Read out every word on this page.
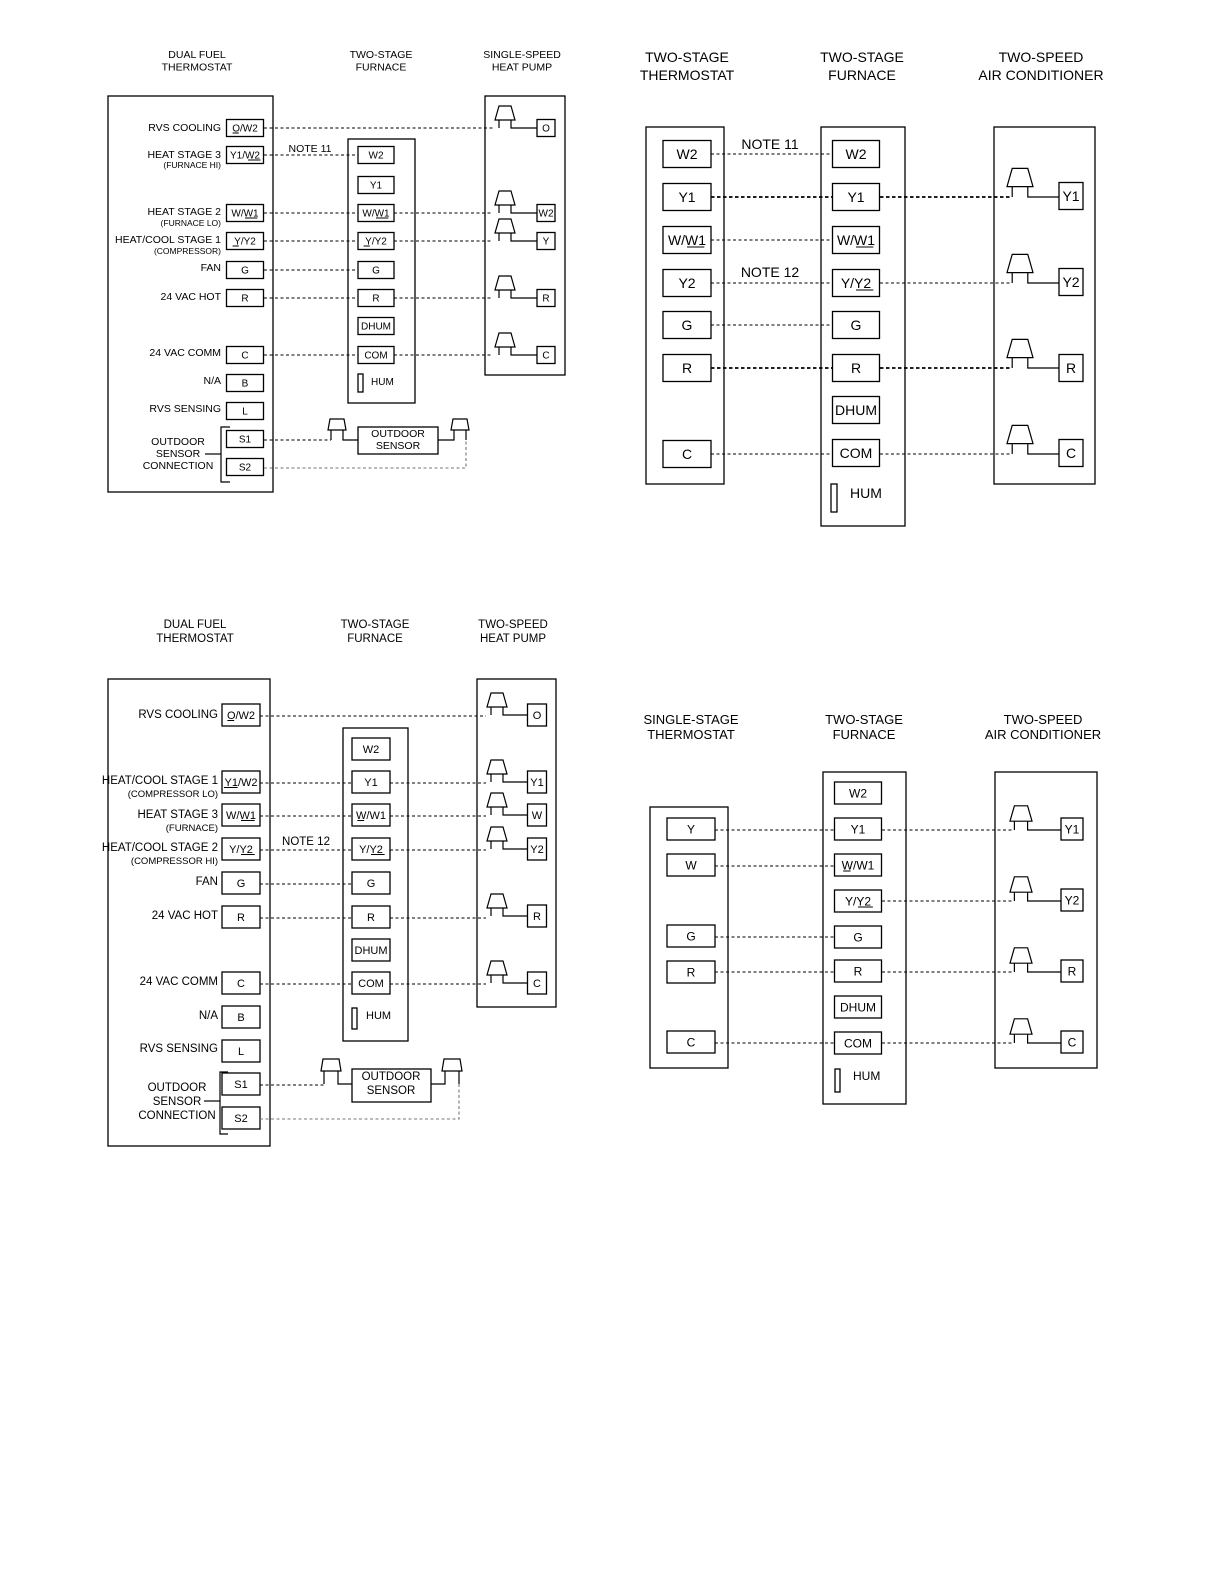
DUAL FUEL THERMOSTAT
TWO-STAGE FURNACE
SINGLE-SPEED HEAT PUMP
RVS COOLING
HEAT STAGE 3
(FURNACE HI)
HEAT STAGE 2
(FURNACE LO)
HEAT/COOL STAGE 1
(COMPRESSOR)
FAN
24 VAC HOT
24 VAC COMM
N/A
RVS SENSING
OUTDOOR SENSOR CONNECTION
O/W2
Y1/W2
W/W1
Y/Y2
G
R
C
B
L
S1
S2
W2
Y1
W/W1
Y/Y2
G
R
DHUM
COM
HUM
O
W2
Y
R
C
NOTE 11
OUTDOOR SENSOR
TWO-STAGE THERMOSTAT
TWO-STAGE FURNACE
TWO-SPEED AIR CONDITIONER
W2
Y1
W/W1
Y2
G
R
C
W2
Y1
W/W1
Y/Y2
G
R
DHUM
COM
HUM
Y1
Y2
R
C
NOTE 11
NOTE 12
DUAL FUEL THERMOSTAT
TWO-STAGE FURNACE
TWO-SPEED HEAT PUMP
RVS COOLING
HEAT/COOL STAGE 1
(COMPRESSOR LO)
HEAT STAGE 3
(FURNACE)
HEAT/COOL STAGE 2
(COMPRESSOR HI)
FAN
24 VAC HOT
24 VAC COMM
N/A
RVS SENSING
OUTDOOR SENSOR CONNECTION
O/W2
Y1/W2
W/W1
Y/Y2
G
R
C
B
L
S1
S2
W2
Y1
W/W1
Y/Y2
G
R
DHUM
COM
HUM
O
Y1
W
Y2
R
C
NOTE 12
OUTDOOR SENSOR
SINGLE-STAGE THERMOSTAT
TWO-STAGE FURNACE
TWO-SPEED AIR CONDITIONER
Y
W
G
R
C
W2
Y1
W/W1
Y/Y2
G
R
DHUM
COM
HUM
Y1
Y2
R
C
